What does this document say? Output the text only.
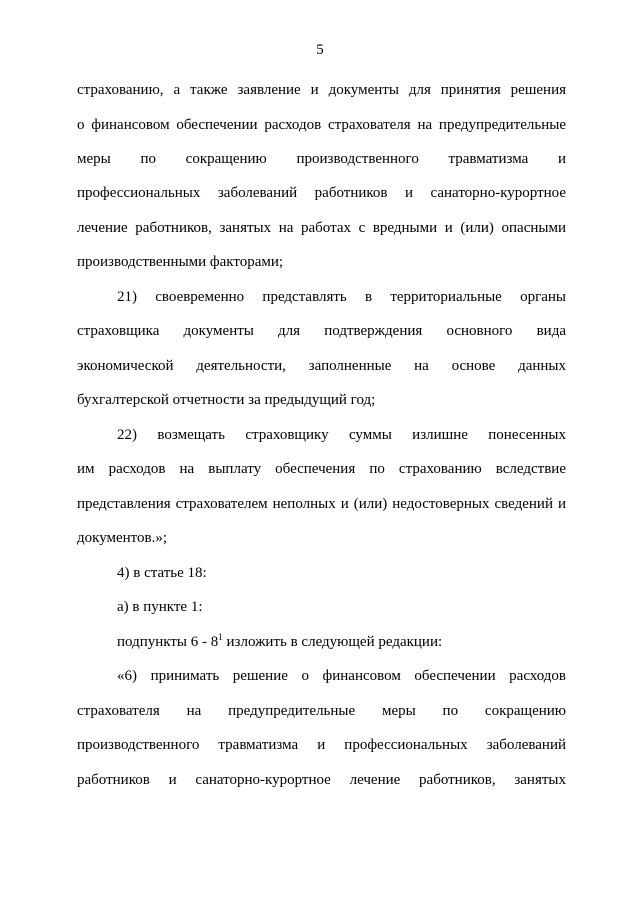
5
страхованию, а также заявление и документы для принятия решения
о финансовом обеспечении расходов страхователя на предупредительные
меры по сокращению производственного травматизма и
профессиональных заболеваний работников и санаторно-курортное
лечение работников, занятых на работах с вредными и (или) опасными
производственными факторами;
21) своевременно представлять в территориальные органы
страховщика документы для подтверждения основного вида
экономической деятельности, заполненные на основе данных
бухгалтерской отчетности за предыдущий год;
22) возмещать страховщику суммы излишне понесенных
им расходов на выплату обеспечения по страхованию вследствие
представления страхователем неполных и (или) недостоверных сведений и
документов.»;
4) в статье 18:
а) в пункте 1:
подпункты $6 - 8^1$ изложить в следующей редакции:
«6) принимать решение о финансовом обеспечении расходов
страхователя на предупредительные меры по сокращению
производственного травматизма и профессиональных заболеваний
работников и санаторно-курортное лечение работников, занятых
